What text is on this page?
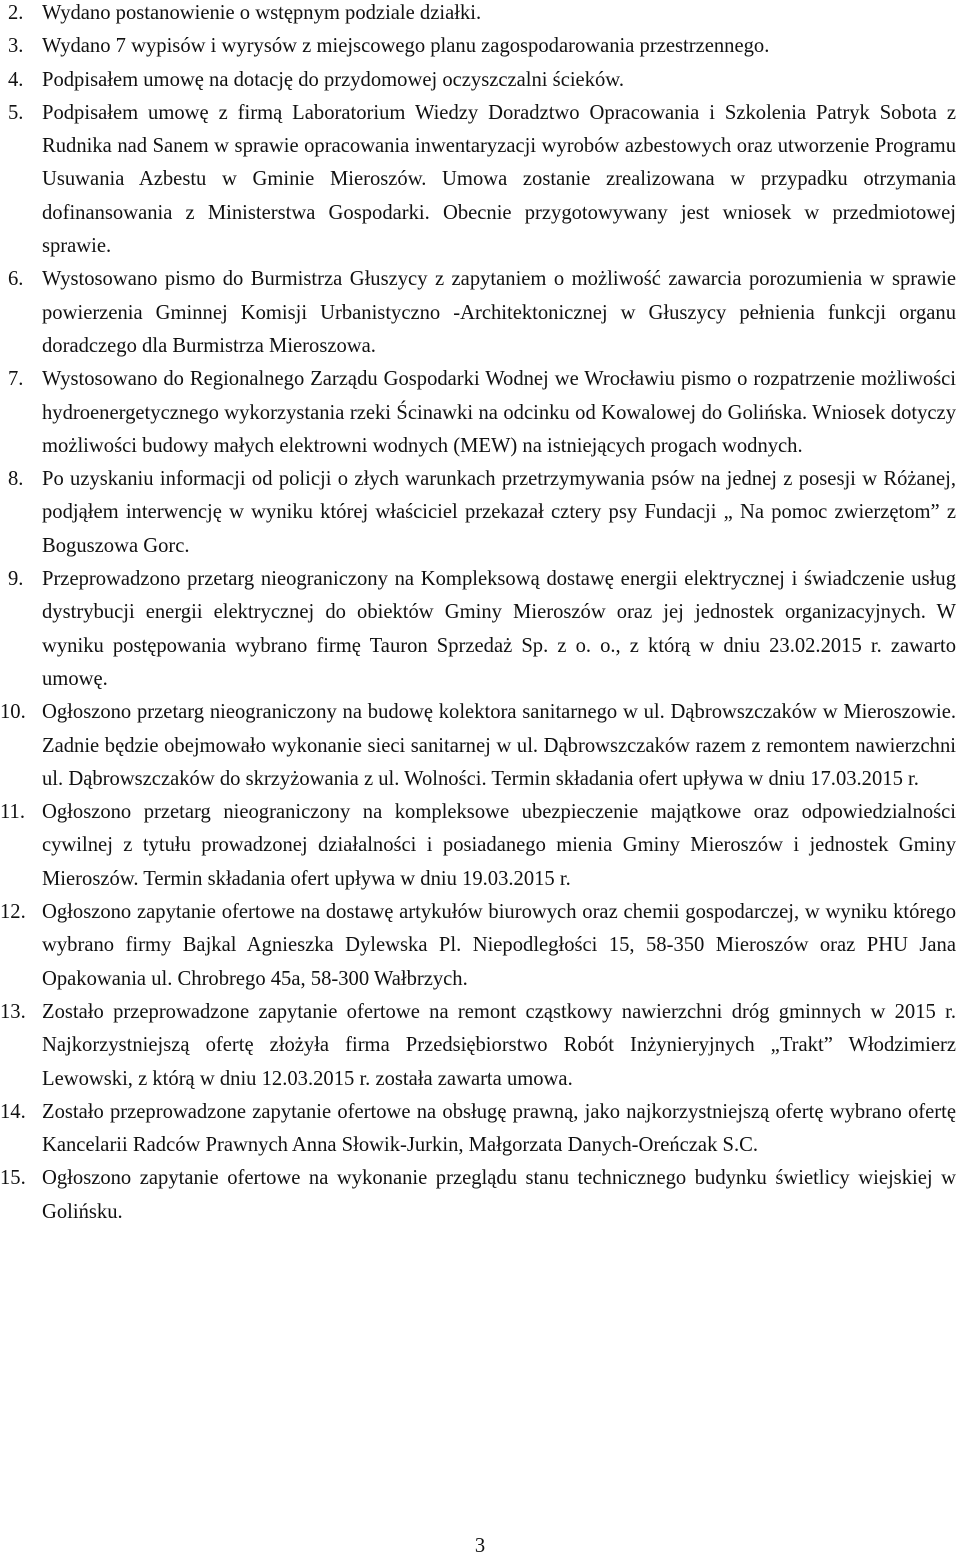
2. Wydano postanowienie o wstępnym podziale działki.
3. Wydano 7 wypisów i wyrysów z miejscowego planu zagospodarowania przestrzennego.
4. Podpisałem umowę na dotację do przydomowej oczyszczalni ścieków.
5. Podpisałem umowę z firmą Laboratorium Wiedzy Doradztwo Opracowania i Szkolenia Patryk Sobota z Rudnika nad Sanem w sprawie opracowania inwentaryzacji wyrobów azbestowych oraz utworzenie Programu Usuwania Azbestu w Gminie Mieroszów. Umowa zostanie zrealizowana w przypadku otrzymania dofinansowania z Ministerstwa Gospodarki. Obecnie przygotowywany jest wniosek w przedmiotowej sprawie.
6. Wystosowano pismo do Burmistrza Głuszycy z zapytaniem o możliwość zawarcia porozumienia w sprawie powierzenia Gminnej Komisji Urbanistyczno -Architektonicznej w Głuszycy pełnienia funkcji organu doradczego dla Burmistrza Mieroszowa.
7. Wystosowano do Regionalnego Zarządu Gospodarki Wodnej we Wrocławiu pismo o rozpatrzenie możliwości hydroenergetycznego wykorzystania rzeki Ścinawki na odcinku od Kowalowej do Golińska. Wniosek dotyczy możliwości budowy małych elektrowni wodnych (MEW) na istniejących progach wodnych.
8. Po uzyskaniu informacji od policji o złych warunkach przetrzymywania psów na jednej z posesji w Różanej, podjąłem interwencję w wyniku której właściciel przekazał cztery psy Fundacji „ Na pomoc zwierzętom” z Boguszowa Gorc.
9. Przeprowadzono przetarg nieograniczony na Kompleksową dostawę energii elektrycznej i świadczenie usług dystrybucji energii elektrycznej do obiektów Gminy Mieroszów oraz jej jednostek organizacyjnych. W wyniku postępowania wybrano firmę Tauron Sprzedaż Sp. z o. o., z którą w dniu 23.02.2015 r. zawarto umowę.
10. Ogłoszono przetarg nieograniczony na budowę kolektora sanitarnego w ul. Dąbrowszczaków w Mieroszowie. Zadnie będzie obejmowało wykonanie sieci sanitarnej w ul. Dąbrowszczaków razem z remontem nawierzchni ul. Dąbrowszczaków do skrzyżowania z ul. Wolności. Termin składania ofert upływa w dniu 17.03.2015 r.
11. Ogłoszono przetarg nieograniczony na kompleksowe ubezpieczenie majątkowe oraz odpowiedzialności cywilnej z tytułu prowadzonej działalności i posiadanego mienia Gminy Mieroszów i jednostek Gminy Mieroszów. Termin składania ofert upływa w dniu 19.03.2015 r.
12. Ogłoszono zapytanie ofertowe na dostawę artykułów biurowych oraz chemii gospodarczej, w wyniku którego wybrano firmy Bajkal Agnieszka Dylewska Pl. Niepodległości 15, 58-350 Mieroszów oraz PHU Jana Opakowania ul. Chrobrego 45a, 58-300 Wałbrzych.
13. Zostało przeprowadzone zapytanie ofertowe na remont cząstkowy nawierzchni dróg gminnych w 2015 r. Najkorzystniejszą ofertę złożyła firma Przedsiębiorstwo Robót Inżynieryjnych „Trakt” Włodzimierz Lewowski, z którą w dniu 12.03.2015 r. została zawarta umowa.
14. Zostało przeprowadzone zapytanie ofertowe na obsługę prawną, jako najkorzystniejszą ofertę wybrano ofertę Kancelarii Radców Prawnych Anna Słowik-Jurkin, Małgorzata Danych-Oreńczak S.C.
15. Ogłoszono zapytanie ofertowe na wykonanie przeglądu stanu technicznego budynku świetlicy wiejskiej w Golińsku.
3
